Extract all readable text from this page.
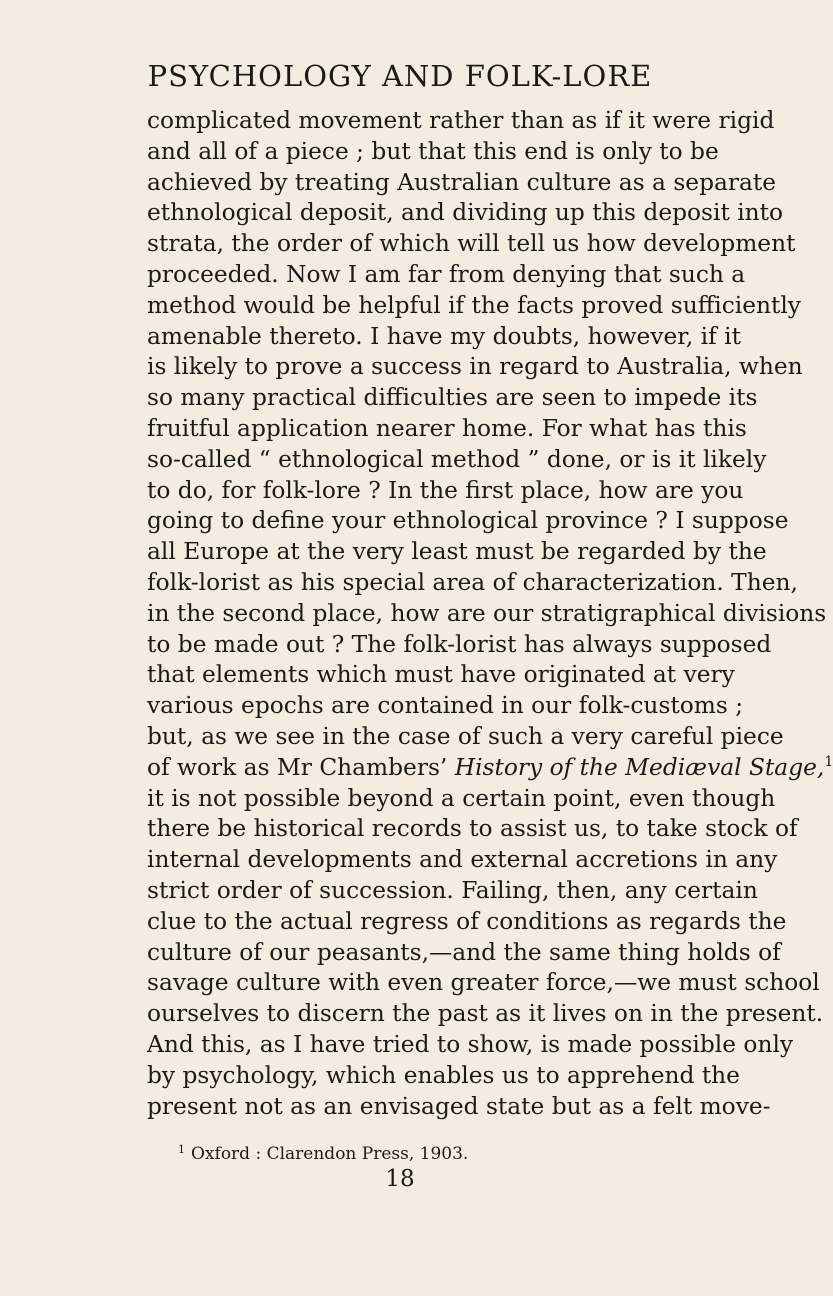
PSYCHOLOGY AND FOLK-LORE
complicated movement rather than as if it were rigid
and all of a piece ; but that this end is only to be
achieved by treating Australian culture as a separate
ethnological deposit, and dividing up this deposit into
strata, the order of which will tell us how development
proceeded. Now I am far from denying that such a
method would be helpful if the facts proved sufficiently
amenable thereto. I have my doubts, however, if it
is likely to prove a success in regard to Australia, when
so many practical difficulties are seen to impede its
fruitful application nearer home. For what has this
so-called “ ethnological method ” done, or is it likely
to do, for folk-lore ? In the first place, how are you
going to define your ethnological province ? I suppose
all Europe at the very least must be regarded by the
folk-lorist as his special area of characterization. Then,
in the second place, how are our stratigraphical divisions
to be made out ? The folk-lorist has always supposed
that elements which must have originated at very
various epochs are contained in our folk-customs ;
but, as we see in the case of such a very careful piece
of work as Mr Chambers’ History of the Mediæval Stage,$^1$
it is not possible beyond a certain point, even though
there be historical records to assist us, to take stock of
internal developments and external accretions in any
strict order of succession. Failing, then, any certain
clue to the actual regress of conditions as regards the
culture of our peasants,—and the same thing holds of
savage culture with even greater force,—we must school
ourselves to discern the past as it lives on in the present.
And this, as I have tried to show, is made possible only
by psychology, which enables us to apprehend the
present not as an envisaged state but as a felt move-
$^1$ Oxford : Clarendon Press, 1903.
18
